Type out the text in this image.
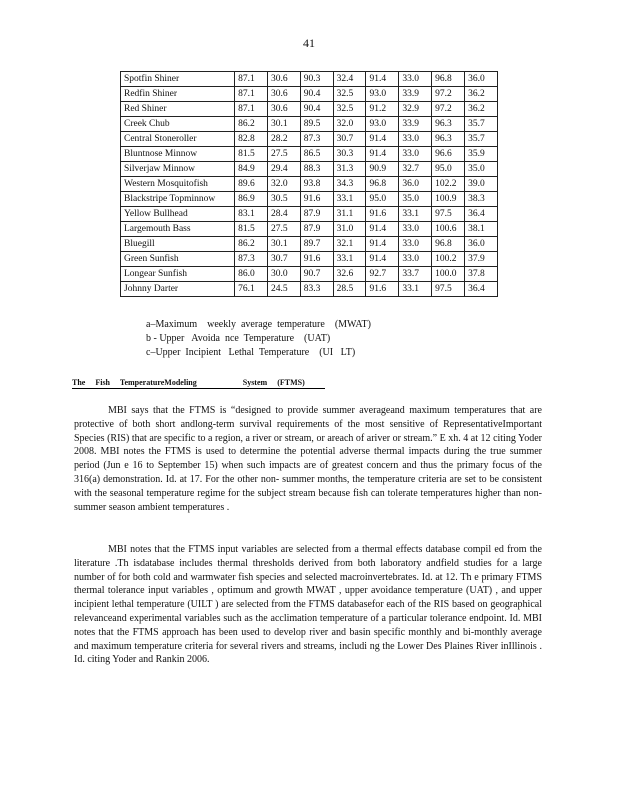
41
Spotfin Shiner	87.1	30.6	90.3	32.4	91.4	33.0	96.8	36.0
Redfin Shiner	87.1	30.6	90.4	32.5	93.0	33.9	97.2	36.2
Red Shiner	87.1	30.6	90.4	32.5	91.2	32.9	97.2	36.2
Creek Chub	86.2	30.1	89.5	32.0	93.0	33.9	96.3	35.7
Central Stoneroller	82.8	28.2	87.3	30.7	91.4	33.0	96.3	35.7
Bluntnose Minnow	81.5	27.5	86.5	30.3	91.4	33.0	96.6	35.9
Silverjaw Minnow	84.9	29.4	88.3	31.3	90.9	32.7	95.0	35.0
Western Mosquitofish	89.6	32.0	93.8	34.3	96.8	36.0	102.2	39.0
Blackstripe Topminnow	86.9	30.5	91.6	33.1	95.0	35.0	100.9	38.3
Yellow Bullhead	83.1	28.4	87.9	31.1	91.6	33.1	97.5	36.4
Largemouth Bass	81.5	27.5	87.9	31.0	91.4	33.0	100.6	38.1
Bluegill	86.2	30.1	89.7	32.1	91.4	33.0	96.8	36.0
Green Sunfish	87.3	30.7	91.6	33.1	91.4	33.0	100.2	37.9
Longear Sunfish	86.0	30.0	90.7	32.6	92.7	33.7	100.0	37.8
Johnny Darter	76.1	24.5	83.3	28.5	91.6	33.1	97.5	36.4
a–Maximum    weekly  average  temperature    (MWAT)
b - Upper   Avoida  nce  Temperature    (UAT)
c–Upper  Incipient   Lethal  Temperature    (UI   LT)
The     Fish     TemperatureModeling                       System     (FTMS)

MBI says that the FTMS is “designed to provide summer averageand maximum temperatures that are protective of both short andlong-term survival requirements of the most sensitive of RepresentativeImportant Species (RIS) that are specific to a region, a river or stream, or areach of ariver or stream.” E xh. 4 at 12 citing Yoder 2008. MBI notes the FTMS is used to determine the potential adverse thermal impacts during the true summer period (Jun e 16 to September 15) when such impacts are of greatest concern and thus the primary focus of the 316(a) demonstration. Id. at 17. For the other non- summer months, the temperature criteria are set to be consistent with the seasonal temperature regime for the subject stream because fish can tolerate temperatures higher than non- summer season ambient temperatures .

MBI notes that the FTMS input variables are selected from a thermal effects database compil ed from the literature .Th isdatabase includes thermal thresholds derived from both laboratory andfield studies for a large number of for both cold and warmwater fish species and selected macroinvertebrates. Id. at 12. Th e primary FTMS thermal tolerance input variables , optimum and growth MWAT , upper avoidance temperature (UAT) , and upper incipient lethal temperature (UILT ) are selected from the FTMS databasefor each of the RIS based on geographical relevanceand experimental variables such as the acclimation temperature of a particular tolerance endpoint. Id. MBI notes that the FTMS approach has been used to develop river and basin specific monthly and bi-monthly average and maximum temperature criteria for several rivers and streams, includi ng the Lower Des Plaines River inIllinois . Id. citing Yoder and Rankin 2006.
